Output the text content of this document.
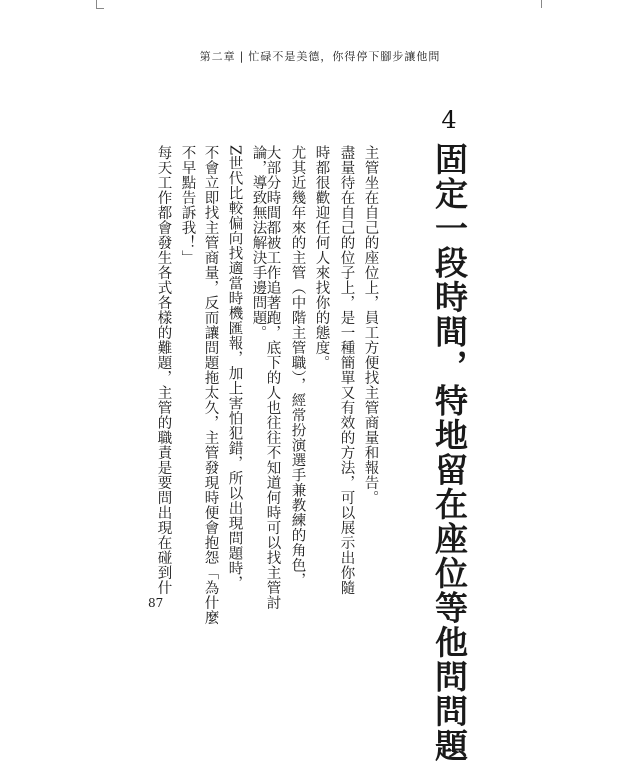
第二章 | 忙碌不是美德，你得停下腳步讓他問
4
固定一段時間，特地留在座位等他問問題
主管坐在自己的座位上，員工方便找主管商量和報告。
盡量待在自己的位子上，是一種簡單又有效的方法，可以展示出你隨
時都很歡迎任何人來找你的態度。
尤其近幾年來的主管（中階主管職），經常扮演選手兼教練的角色，
大部分時間都被工作追著跑，底下的人也往往不知道何時可以找主管討
論，導致無法解決手邊問題。
Z世代比較偏向找適當時機匯報，加上害怕犯錯，所以出現問題時，
不會立即找主管商量，反而讓問題拖太久，主管發現時便會抱怨「為什麼
不早點告訴我！」
每天工作都會發生各式各樣的難題，主管的職責是要問出現在碰到什
87
